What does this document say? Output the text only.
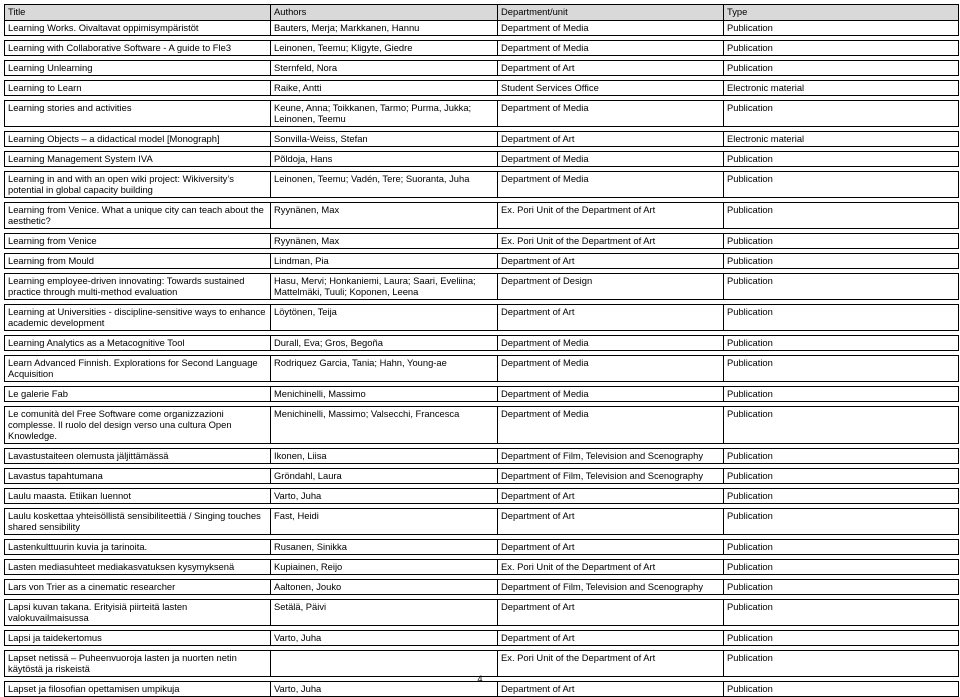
Title	Authors	Department/unit	Type
Learning Works. Oivaltavat oppimisympäristöt	Bauters, Merja; Markkanen, Hannu	Department of Media	Publication

Learning with Collaborative Software - A guide to Fle3	Leinonen, Teemu; Kligyte, Giedre	Department of Media	Publication

Learning Unlearning	Sternfeld, Nora	Department of Art	Publication

Learning to Learn	Raike, Antti	Student Services Office	Electronic material

Learning stories and activities	Keune, Anna; Toikkanen, Tarmo; Purma, Jukka; Leinonen, Teemu	Department of Media	Publication

Learning Objects – a didactical model [Monograph]	Sonvilla-Weiss, Stefan	Department of Art	Electronic material

Learning Management System IVA	Põldoja, Hans	Department of Media	Publication

Learning in and with an open wiki project: Wikiversity’s potential in global capacity building	Leinonen, Teemu; Vadén, Tere; Suoranta, Juha	Department of Media	Publication

Learning from Venice. What a unique city can teach about the aesthetic?	Ryynänen, Max	Ex. Pori Unit of the Department of Art	Publication

Learning from Venice	Ryynänen, Max	Ex. Pori Unit of the Department of Art	Publication

Learning from Mould	Lindman, Pia	Department of Art	Publication

Learning employee-driven innovating: Towards sustained practice through multi-method evaluation	Hasu, Mervi; Honkaniemi, Laura; Saari, Eveliina; Mattelmäki, Tuuli; Koponen, Leena	Department of Design	Publication

Learning at Universities - discipline-sensitive ways to enhance academic development	Löytönen, Teija	Department of Art	Publication

Learning Analytics as a Metacognitive Tool	Durall, Eva; Gros, Begoña	Department of Media	Publication

Learn Advanced Finnish. Explorations for Second Language Acquisition	Rodriquez Garcia, Tania; Hahn, Young-ae	Department of Media	Publication

Le galerie Fab	Menichinelli, Massimo	Department of Media	Publication

Le comunità del Free Software come organizzazioni complesse. Il ruolo del design verso una cultura Open Knowledge.	Menichinelli, Massimo; Valsecchi, Francesca	Department of Media	Publication

Lavastustaiteen olemusta jäljittämässä	Ikonen, Liisa	Department of Film, Television and Scenography	Publication

Lavastus tapahtumana	Gröndahl, Laura	Department of Film, Television and Scenography	Publication

Laulu maasta. Etiikan luennot	Varto, Juha	Department of Art	Publication

Laulu koskettaa yhteisöllistä sensibiliteettiä / Singing touches shared sensibility	Fast, Heidi	Department of Art	Publication

Lastenkulttuurin kuvia ja tarinoita.	Rusanen, Sinikka	Department of Art	Publication

Lasten mediasuhteet mediakasvatuksen kysymyksenä	Kupiainen, Reijo	Ex. Pori Unit of the Department of Art	Publication

Lars von Trier as a cinematic researcher	Aaltonen, Jouko	Department of Film, Television and Scenography	Publication

Lapsi kuvan takana. Erityisiä piirteitä lasten valokuvailmaisussa	Setälä, Päivi	Department of Art	Publication

Lapsi ja taidekertomus	Varto, Juha	Department of Art	Publication

Lapset netissä – Puheenvuoroja lasten ja nuorten netin käytöstä ja riskeistä		Ex. Pori Unit of the Department of Art	Publication

Lapset ja filosofian opettamisen umpikuja	Varto, Juha	Department of Art	Publication
4
